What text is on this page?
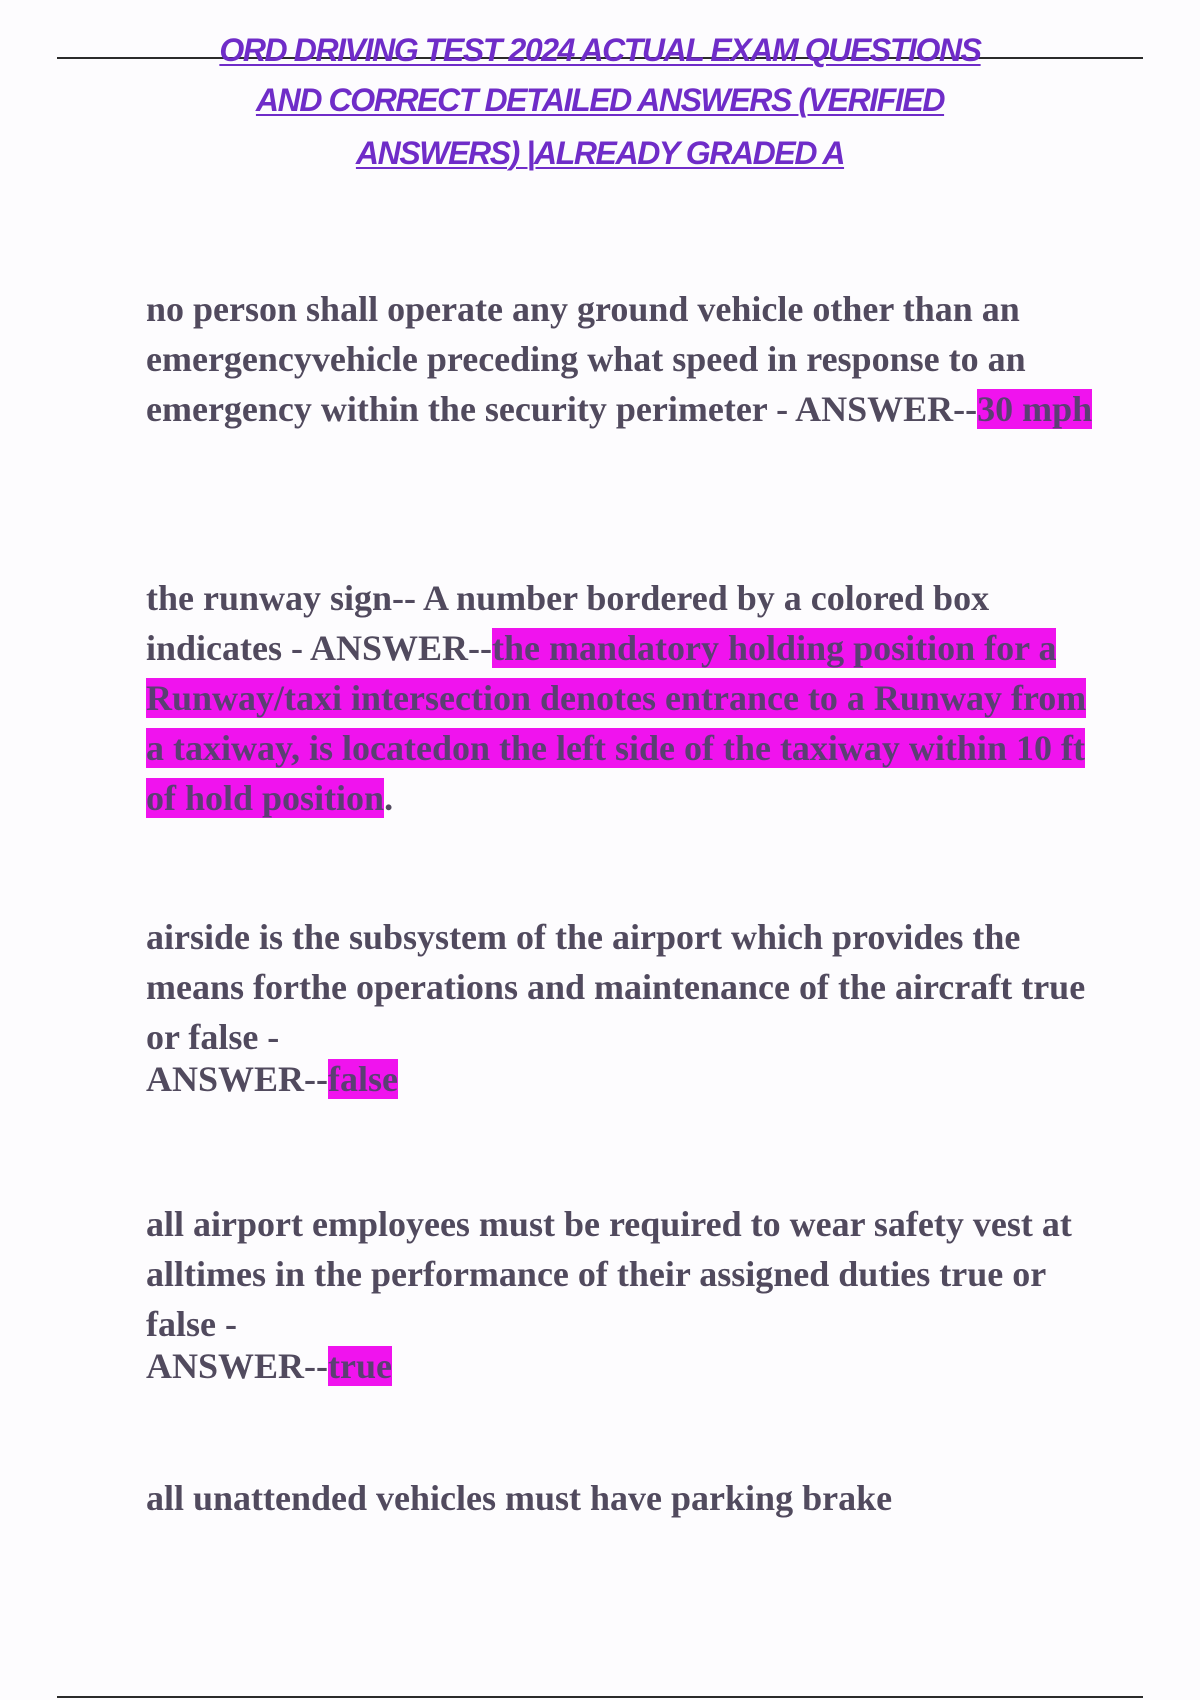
ORD DRIVING TEST 2024 ACTUAL EXAM QUESTIONS
AND CORRECT DETAILED ANSWERS (VERIFIED
ANSWERS) |ALREADY GRADED A

no person shall operate any ground vehicle other than an emergencyvehicle preceding what speed in response to an emergency within the security perimeter - ANSWER--30 mph

the runway sign-- A number bordered by a colored box indicates - ANSWER--the mandatory holding position for a Runway/taxi intersection denotes entrance to a Runway from a taxiway, is locatedon the left side of the taxiway within 10 ft of hold position.

airside is the subsystem of the airport which provides the means forthe operations and maintenance of the aircraft true or false -
ANSWER--false

all airport employees must be required to wear safety vest at alltimes in the performance of their assigned duties true or false -
ANSWER--true

all unattended vehicles must have parking brake
